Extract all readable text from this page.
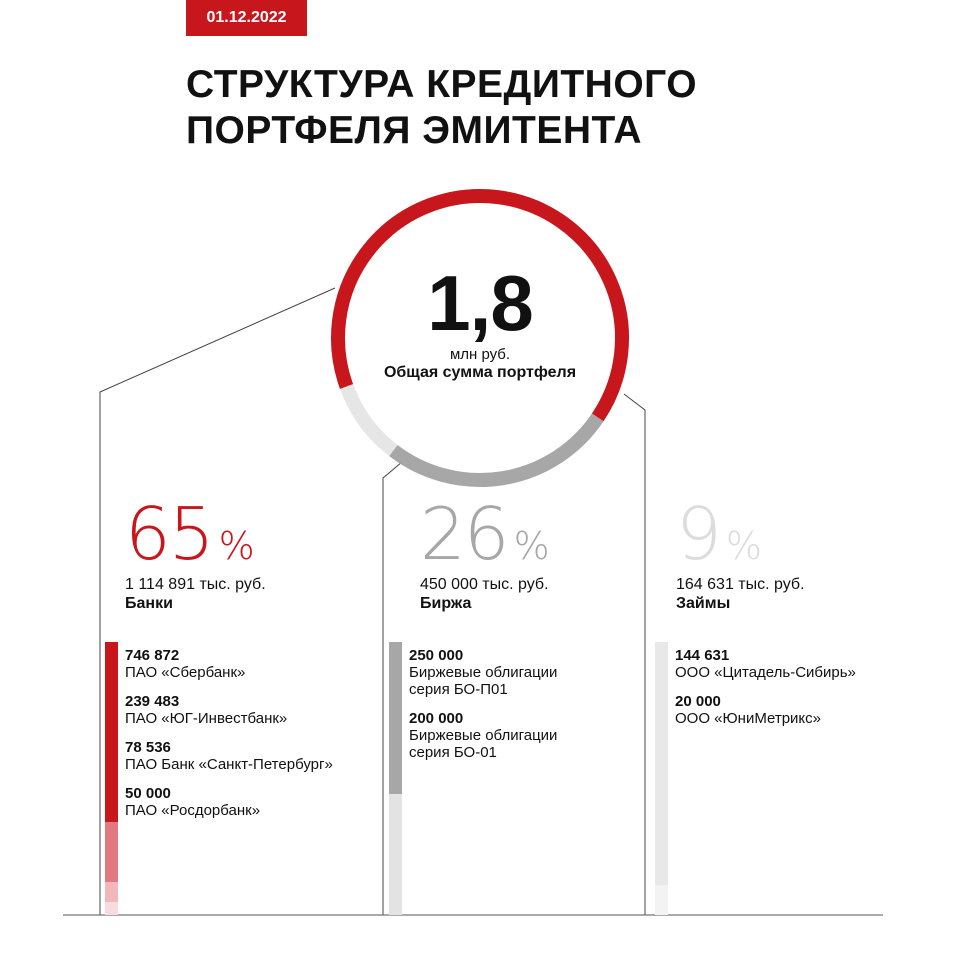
01.12.2022
СТРУКТУРА КРЕДИТНОГО
ПОРТФЕЛЯ ЭМИТЕНТА
1,8
млн руб.
Общая сумма портфеля
65 %
1 114 891 тыс. руб.
Банки
26 %
450 000 тыс. руб.
Биржа
9 %
164 631 тыс. руб.
Займы
746 872
ПАО «Сбербанк»
239 483
ПАО «ЮГ-Инвестбанк»
78 536
ПАО Банк «Санкт-Петербург»
50 000
ПАО «Росдорбанк»
250 000
Биржевые облигации серия БО-П01
200 000
Биржевые облигации серия БО-01
144 631
ООО «Цитадель-Сибирь»
20 000
ООО «ЮниМетрикс»
